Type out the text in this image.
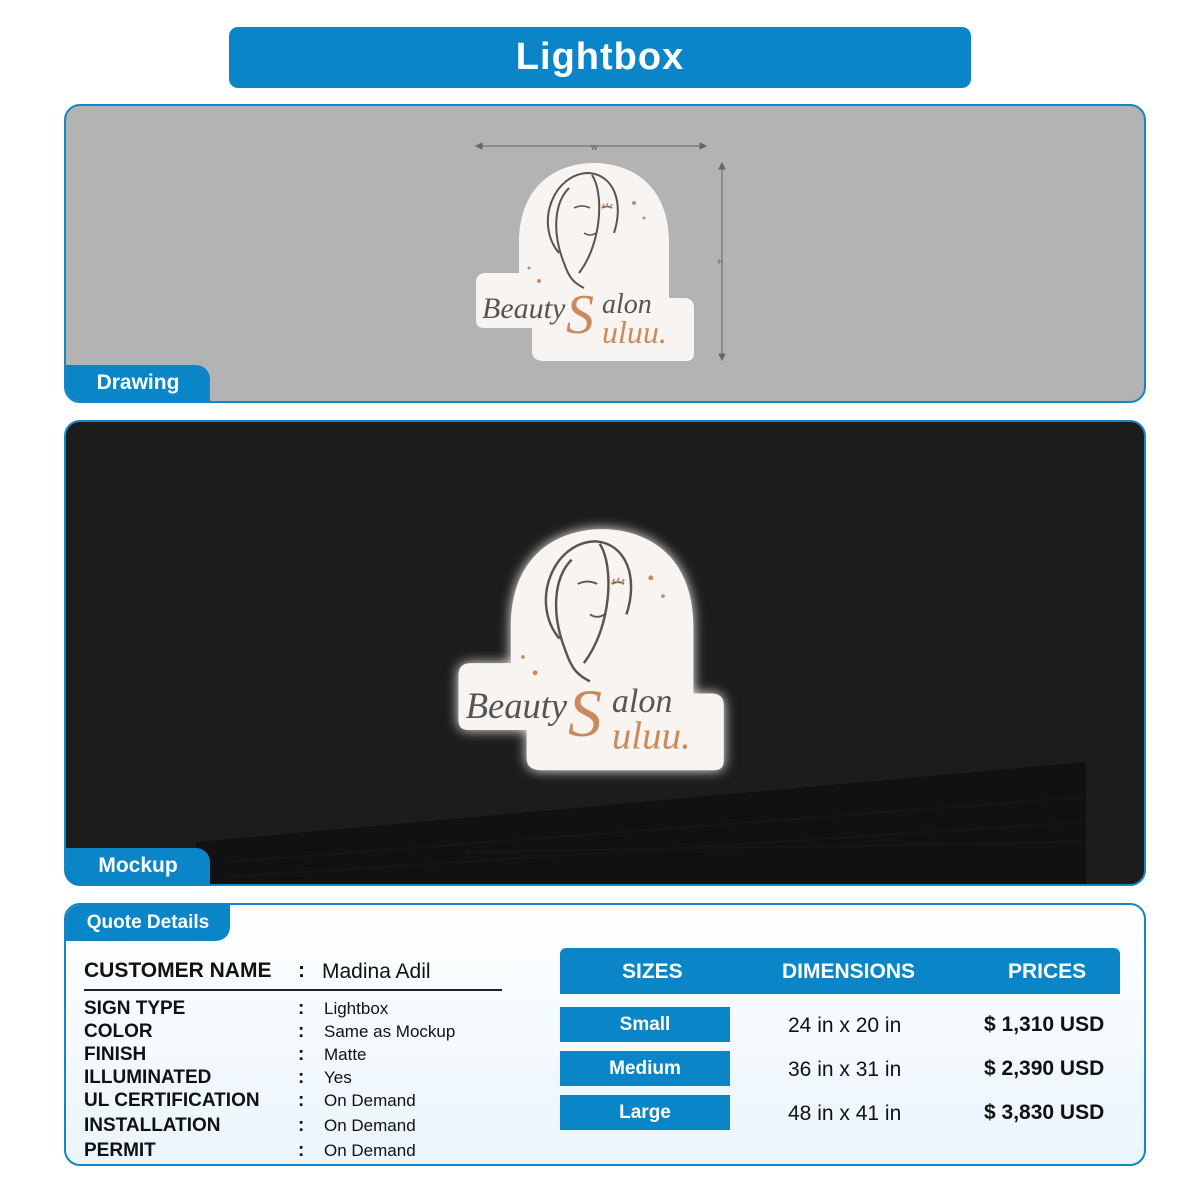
Lightbox
W
H
Beauty S alon
uluu.
Drawing
Beauty S alon
uluu.
Mockup
Quote Details
CUSTOMER NAME : Madina Adil
SIGN TYPE	: Lightbox
COLOR	: Same as Mockup
FINISH	: Matte
ILLUMINATED	: Yes
UL CERTIFICATION : On Demand
INSTALLATION	: On Demand
PERMIT	: On Demand
SIZES	DIMENSIONS	PRICES
Small	24 in x 20 in	$ 1,310 USD
Medium	36 in x 31 in	$ 2,390 USD
Large	48 in x 41 in	$ 3,830 USD
